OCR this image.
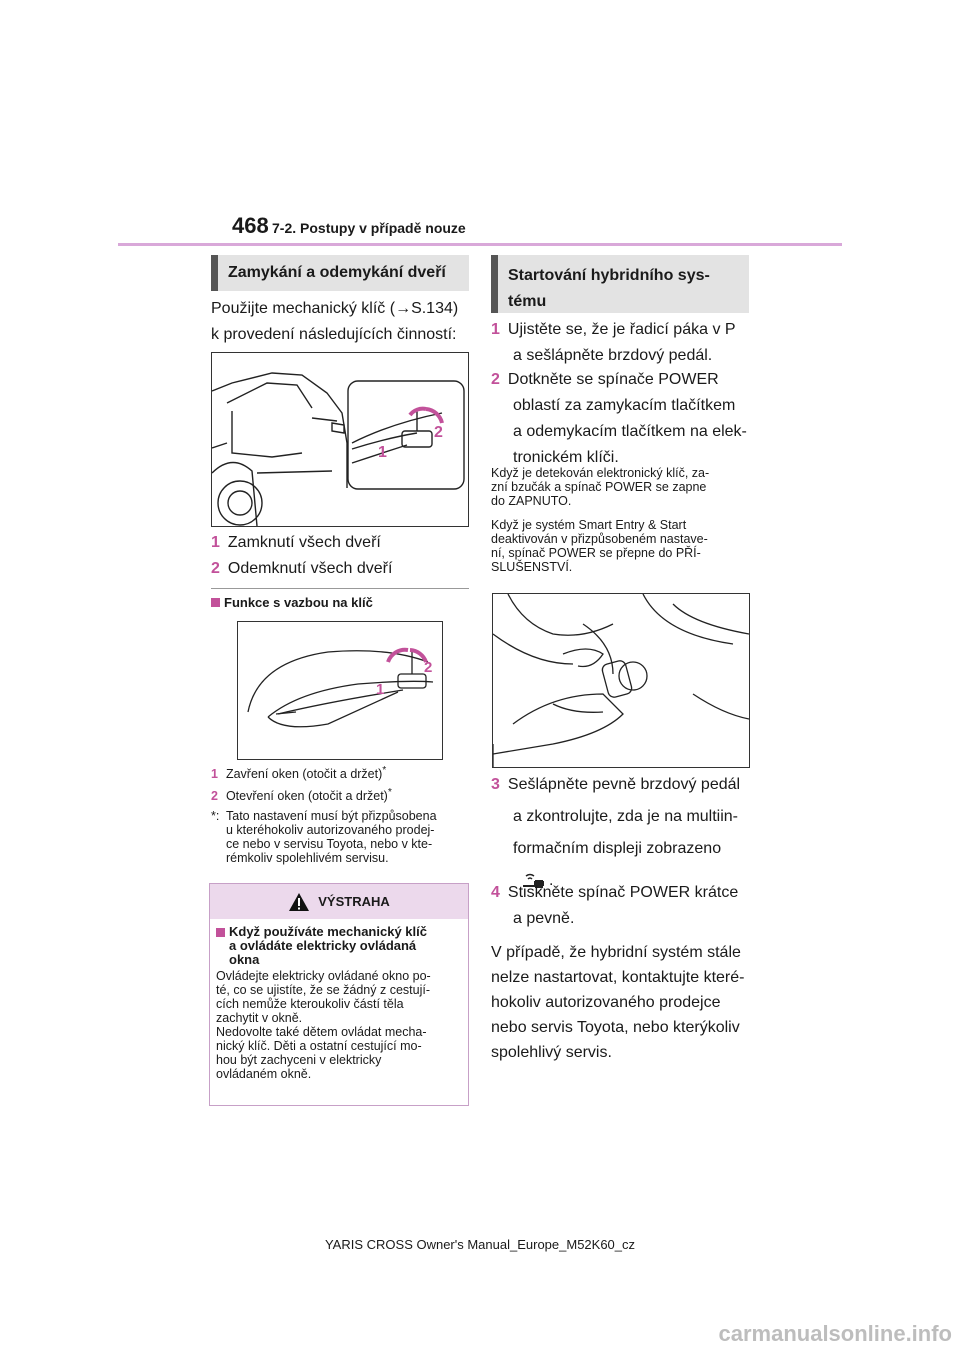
468 7-2. Postupy v případě nouze
Zamykání a odemykání dveří
Použijte mechanický klíč (→S.134)
k provedení následujících činností:
1
2
1 Zamknutí všech dveří
2 Odemknutí všech dveří
Funkce s vazbou na klíč
1
2
1 Zavření oken (otočit a držet)*
2 Otevření oken (otočit a držet)*
*: Tato nastavení musí být přizpůsobena
u kteréhokoliv autorizovaného prodej-
ce nebo v servisu Toyota, nebo v kte-
rémkoliv spolehlivém servisu.
VÝSTRAHA
Když používáte mechanický klíč
a ovládáte elektricky ovládaná
okna
Ovládejte elektricky ovládané okno po-
té, co se ujistíte, že se žádný z cestují-
cích nemůže kteroukoliv částí těla
zachytit v okně.
Nedovolte také dětem ovládat mecha-
nický klíč. Děti a ostatní cestující mo-
hou být zachyceni v elektricky
ovládaném okně.
Startování hybridního sys-
tému
1 Ujistěte se, že je řadicí páka v P
a sešlápněte brzdový pedál.
2 Dotkněte se spínače POWER
oblastí za zamykacím tlačítkem
a odemykacím tlačítkem na elek-
tronickém klíči.
Když je detekován elektronický klíč, za-
zní bzučák a spínač POWER se zapne
do ZAPNUTO.
Když je systém Smart Entry & Start
deaktivován v přizpůsobeném nastave-
ní, spínač POWER se přepne do PŘÍ-
SLUŠENSTVÍ.
3 Sešlápněte pevně brzdový pedál
a zkontrolujte, zda je na multiin-
formačním displeji zobrazeno
.
4 Stiskněte spínač POWER krátce
a pevně.
V případě, že hybridní systém stále
nelze nastartovat, kontaktujte které-
hokoliv autorizovaného prodejce
nebo servis Toyota, nebo kterýkoliv
spolehlivý servis.
YARIS CROSS Owner's Manual_Europe_M52K60_cz
carmanualsonline.info
